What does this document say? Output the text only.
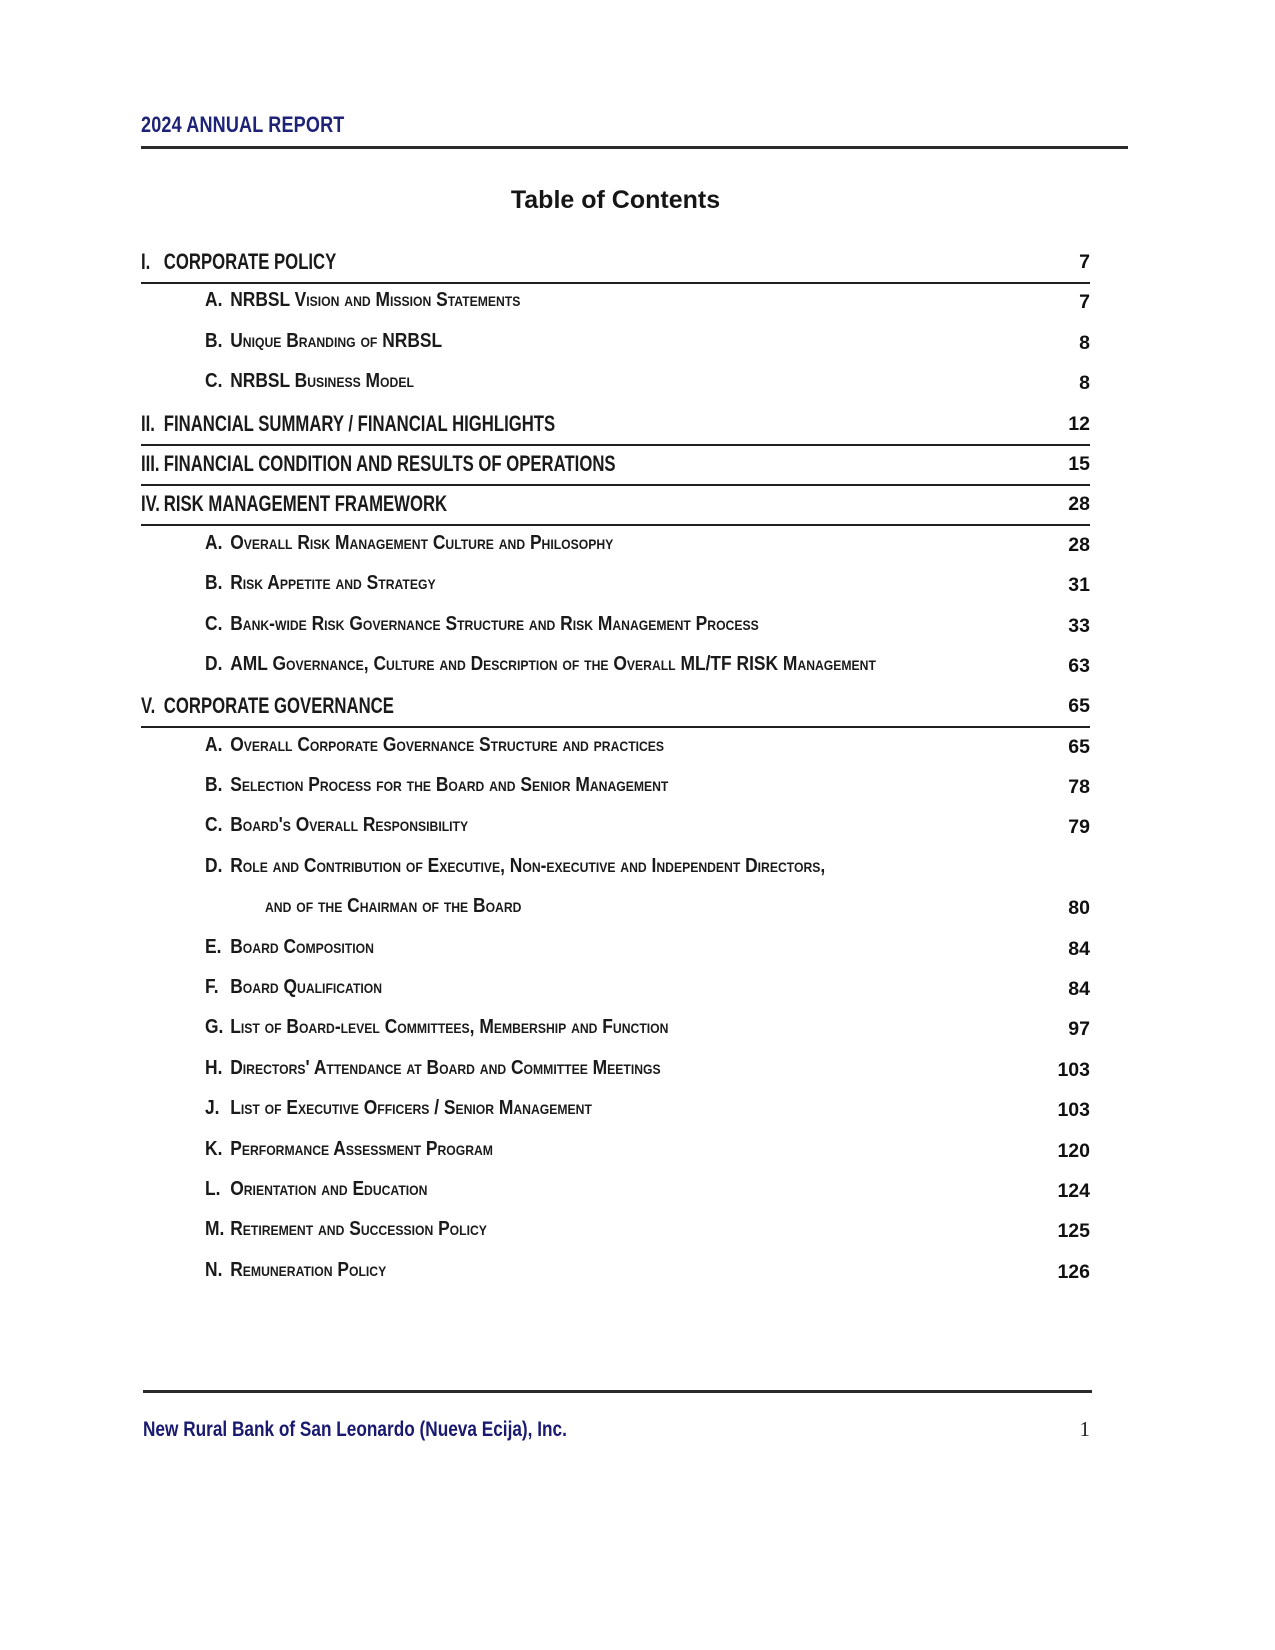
2024 ANNUAL REPORT
Table of Contents
I. CORPORATE POLICY	7
A. NRBSL Vision and Mission Statements	7
B. Unique Branding of NRBSL	8
C. NRBSL Business Model	8
II. FINANCIAL SUMMARY / FINANCIAL HIGHLIGHTS	12
III. FINANCIAL CONDITION AND RESULTS OF OPERATIONS	15
IV. RISK MANAGEMENT FRAMEWORK	28
A. Overall Risk Management Culture and Philosophy	28
B. Risk Appetite and Strategy	31
C. Bank-wide Risk Governance Structure and Risk Management Process	33
D. AML Governance, Culture and Description of the Overall ML/TF RISK Management	63
V. CORPORATE GOVERNANCE	65
A. Overall Corporate Governance Structure and practices	65
B. Selection Process for the Board and Senior Management	78
C. Board's Overall Responsibility	79
D. Role and Contribution of Executive, Non-executive and Independent Directors,
and of the Chairman of the Board	80
E. Board Composition	84
F. Board Qualification	84
G. List of Board-level Committees, Membership and Function	97
H. Directors' Attendance at Board and Committee Meetings	103
J. List of Executive Officers / Senior Management	103
K. Performance Assessment Program	120
L. Orientation and Education	124
M. Retirement and Succession Policy	125
N. Remuneration Policy	126
New Rural Bank of San Leonardo (Nueva Ecija), Inc.	1
